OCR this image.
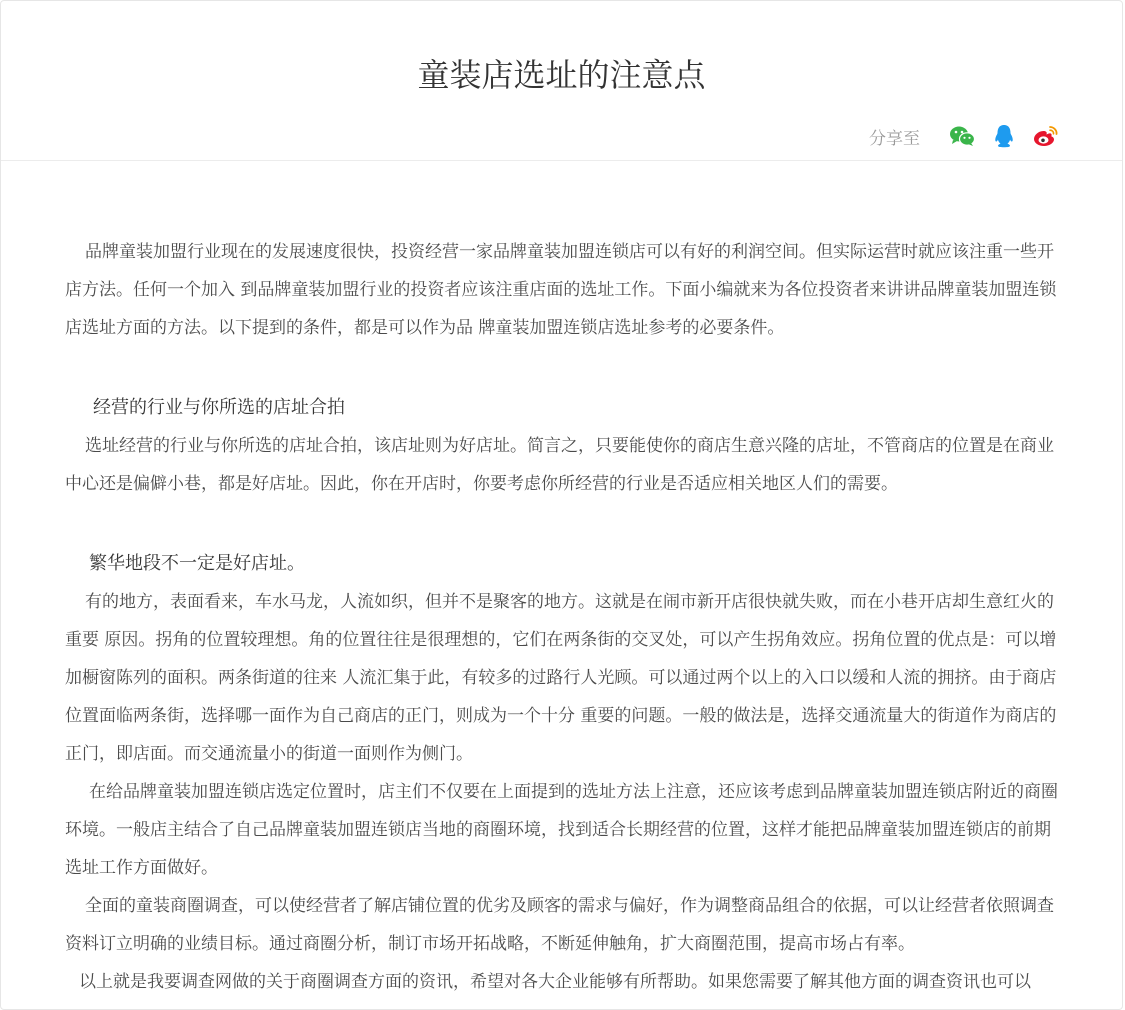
童装店选址的注意点
分享至

品牌童装加盟行业现在的发展速度很快，投资经营一家品牌童装加盟连锁店可以有好的利润空间。但实际运营时就应该注重一些开店方法。任何一个加入 到品牌童装加盟行业的投资者应该注重店面的选址工作。下面小编就来为各位投资者来讲讲品牌童装加盟连锁店选址方面的方法。以下提到的条件，都是可以作为品 牌童装加盟连锁店选址参考的必要条件。

经营的行业与你所选的店址合拍

选址经营的行业与你所选的店址合拍，该店址则为好店址。简言之，只要能使你的商店生意兴隆的店址，不管商店的位置是在商业中心还是偏僻小巷，都是好店址。因此，你在开店时，你要考虑你所经营的行业是否适应相关地区人们的需要。

繁华地段不一定是好店址。

有的地方，表面看来，车水马龙，人流如织，但并不是聚客的地方。这就是在闹市新开店很快就失败，而在小巷开店却生意红火的重要 原因。拐角的位置较理想。角的位置往往是很理想的，它们在两条街的交叉处，可以产生拐角效应。拐角位置的优点是：可以增加橱窗陈列的面积。两条街道的往来 人流汇集于此，有较多的过路行人光顾。可以通过两个以上的入口以缓和人流的拥挤。由于商店位置面临两条街，选择哪一面作为自己商店的正门，则成为一个十分 重要的问题。一般的做法是，选择交通流量大的街道作为商店的正门，即店面。而交通流量小的街道一面则作为侧门。

在给品牌童装加盟连锁店选定位置时，店主们不仅要在上面提到的选址方法上注意，还应该考虑到品牌童装加盟连锁店附近的商圈环境。一般店主结合了自己品牌童装加盟连锁店当地的商圈环境，找到适合长期经营的位置，这样才能把品牌童装加盟连锁店的前期选址工作方面做好。

全面的童装商圈调查，可以使经营者了解店铺位置的优劣及顾客的需求与偏好，作为调整商品组合的依据，可以让经营者依照调查资料订立明确的业绩目标。通过商圈分析，制订市场开拓战略，不断延伸触角，扩大商圈范围，提高市场占有率。

以上就是我要调查网做的关于商圈调查方面的资讯，希望对各大企业能够有所帮助。如果您需要了解其他方面的调查资讯也可以
